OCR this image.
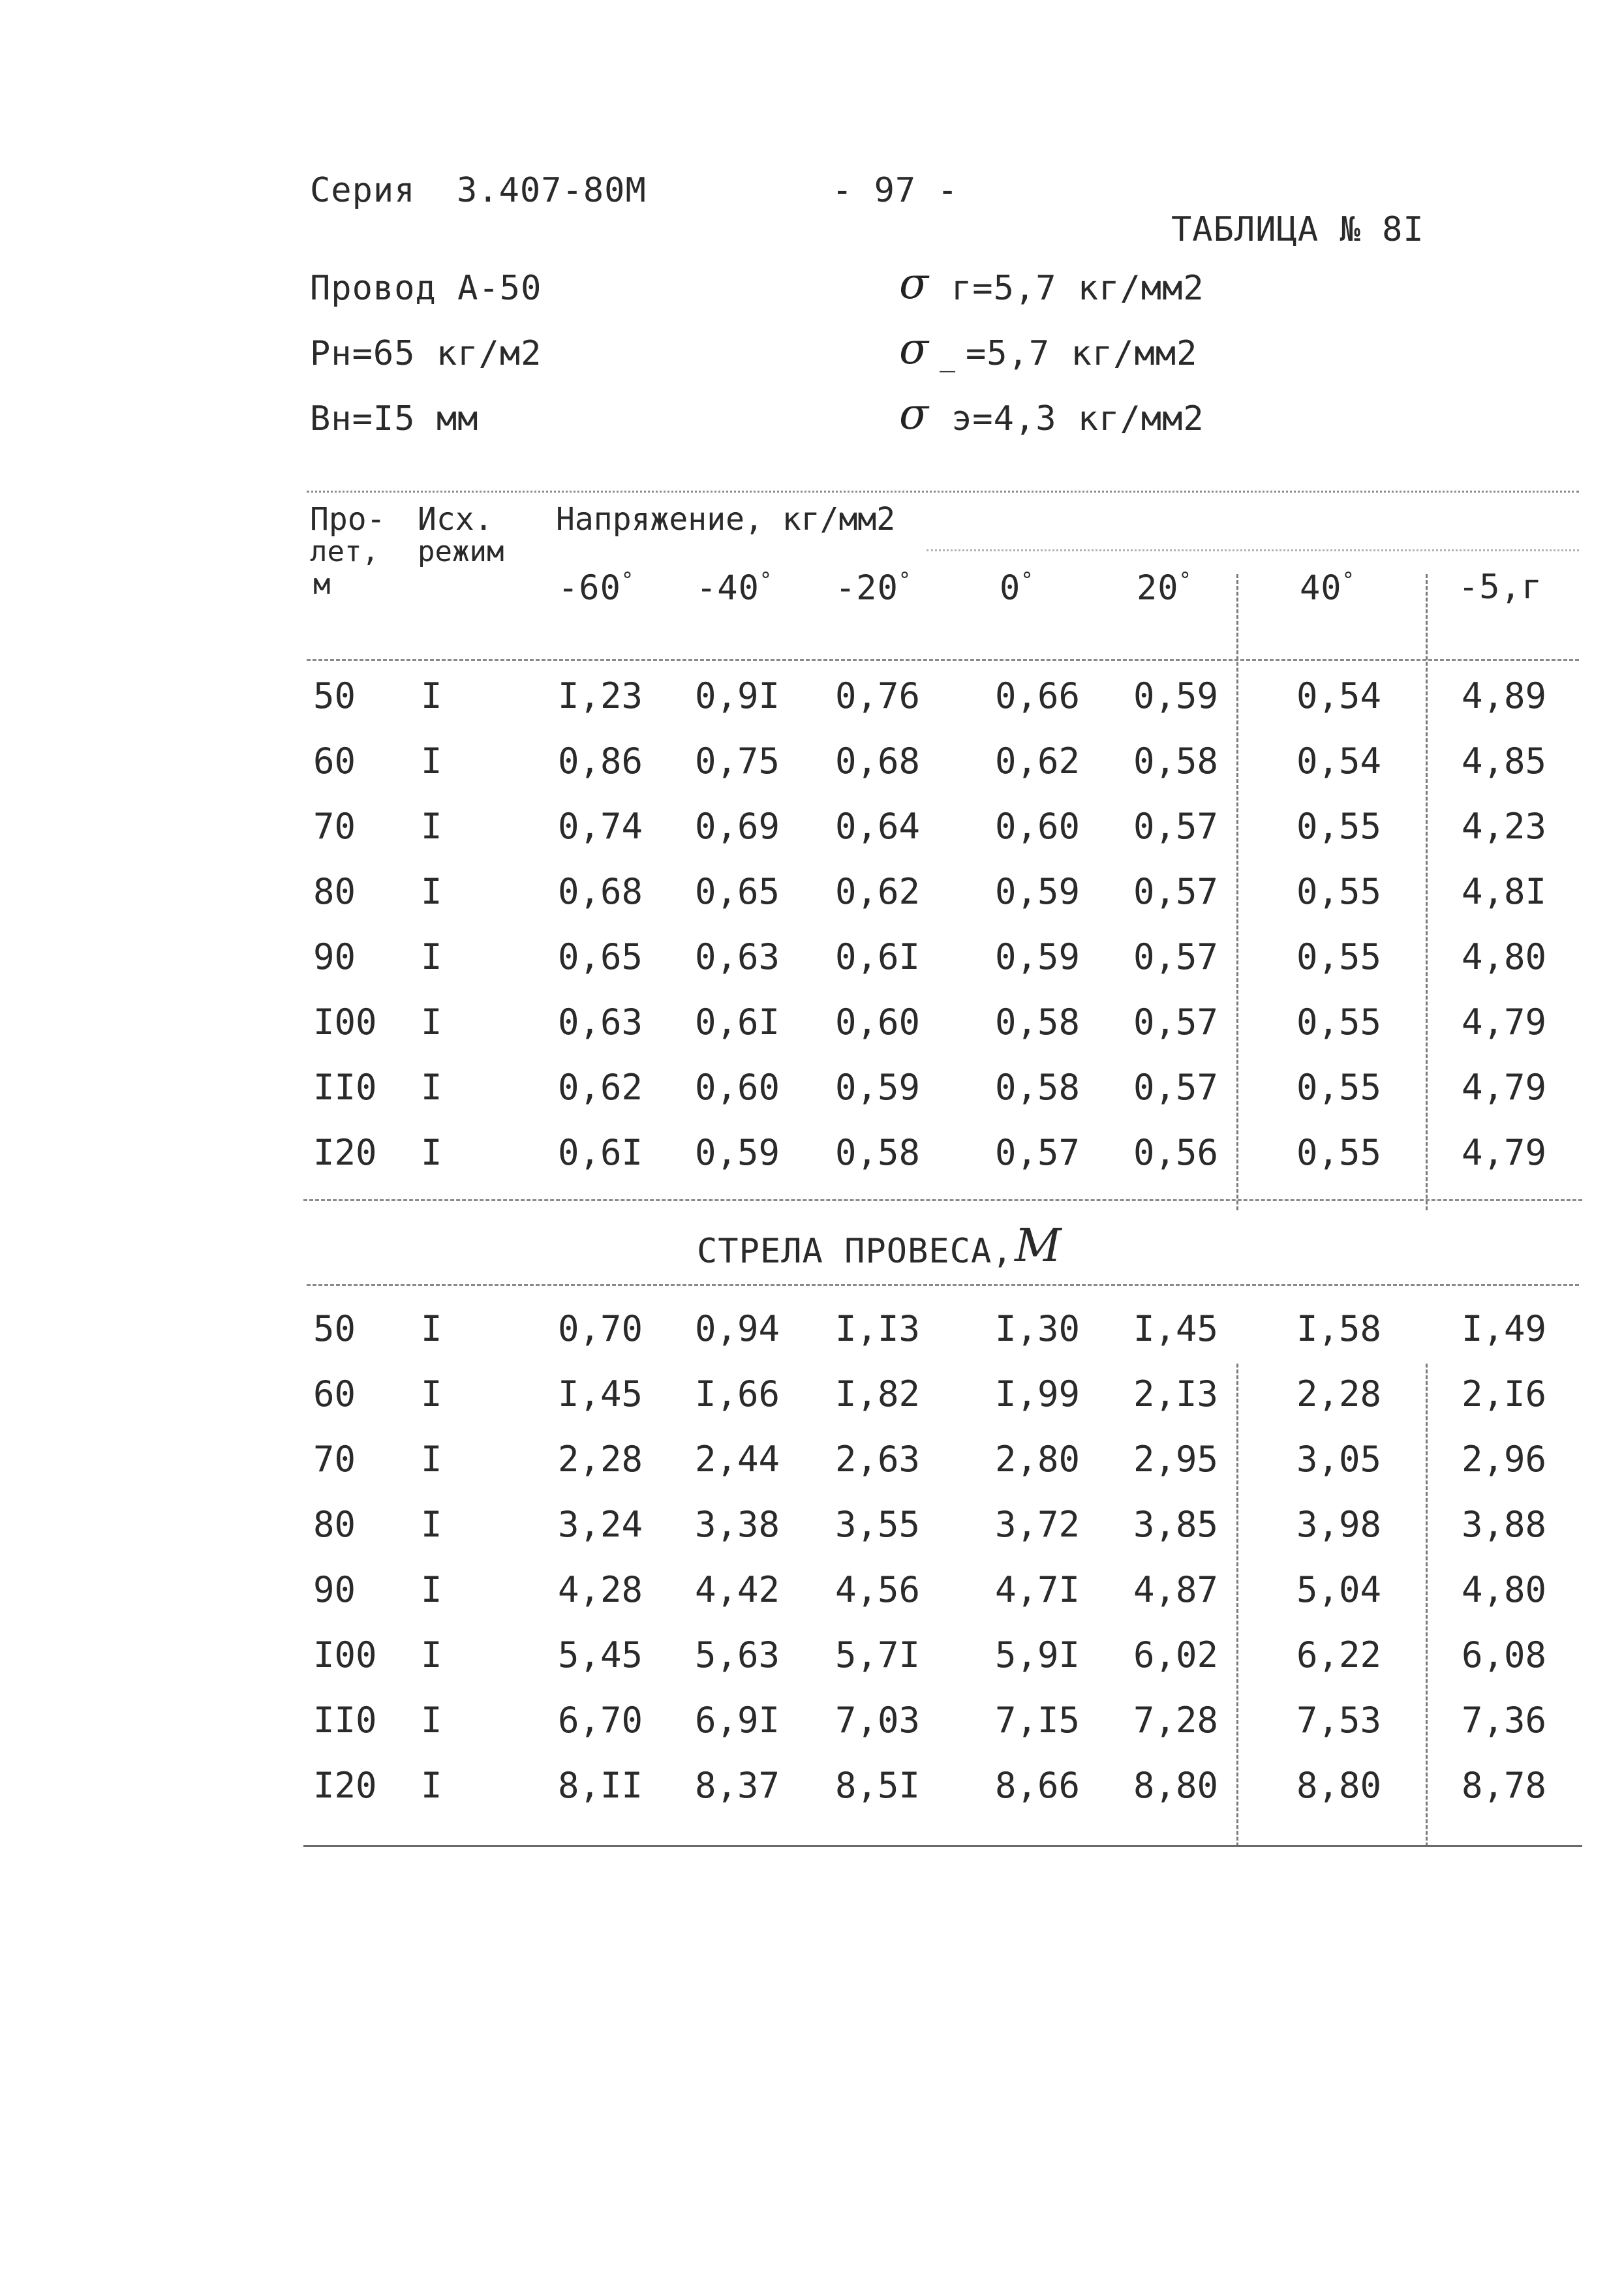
Серия 3.407-80М	- 97 -
ТАБЛИЦА № 8I
Провод А-50
Рн=65 кг/м2
Вн=I5 мм
σ г=5,7 кг/мм2
σ _ =5,7 кг/мм2
σ э=4,3 кг/мм2
Про-
лет,
м
Исх.
режим
Напряжение, кг/мм2
-60° -40° -20°	0°	20°	40°	-5,г
50 I	I,23	0,9I	0,76	0,66	0,59	0,54	4,89
60 I	0,86	0,75	0,68	0,62	0,58	0,54	4,85
70 I	0,74	0,69	0,64	0,60	0,57	0,55	4,23
80 I	0,68	0,65	0,62	0,59	0,57	0,55	4,8I
90 I	0,65	0,63	0,6I	0,59	0,57	0,55	4,80
I00 I	0,63	0,6I	0,60	0,58	0,57	0,55	4,79
II0 I	0,62	0,60	0,59	0,58	0,57	0,55	4,79
I20 I	0,6I	0,59	0,58	0,57	0,56	0,55	4,79
СТРЕЛА ПРОВЕСА, М
50 I	0,70	0,94	I,I3	I,30	I,45	I,58	I,49
60 I	I,45	I,66	I,82	I,99	2,I3	2,28	2,I6
70 I	2,28	2,44	2,63	2,80	2,95	3,05	2,96
80 I	3,24	3,38	3,55	3,72	3,85	3,98	3,88
90 I	4,28	4,42	4,56	4,7I	4,87	5,04	4,80
I00 I	5,45	5,63	5,7I	5,9I	6,02	6,22	6,08
II0 I	6,70	6,9I	7,03	7,I5	7,28	7,53	7,36
I20 I	8,II	8,37	8,5I	8,66	8,80	8,80	8,78
